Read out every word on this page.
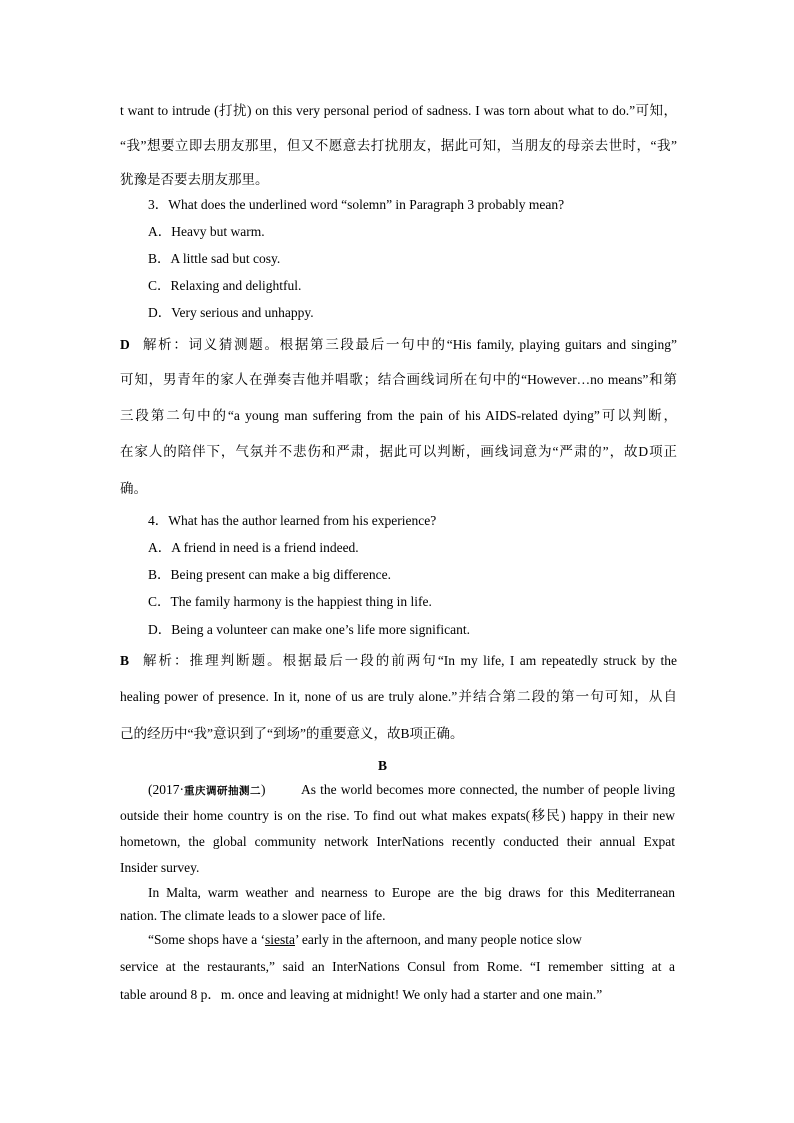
t want to intrude (打扰) on this very personal period of sadness. I was torn about what to do.”可知，
“我”想要立即去朋友那里，但又不愿意去打扰朋友，据此可知，当朋友的母亲去世时，“我”
犹豫是否要去朋友那里。
3．What does the underlined word “solemn” in Paragraph 3 probably mean?
A．Heavy but warm.
B．A little sad but cosy.
C．Relaxing and delightful.
D．Very serious and unhappy.
D 解析：词义猜测题。根据第三段最后一句中的“His family, playing guitars and singing”
可知，男青年的家人在弹奏吉他并唱歌；结合画线词所在句中的“However…no means”和第
三段第二句中的“a young man suffering from the pain of his AIDS-related dying”可以判断，
在家人的陪伴下，气氛并不悲伤和严肃，据此可以判断，画线词意为“严肃的”，故D项正
确。
4．What has the author learned from his experience?
A．A friend in need is a friend indeed.
B．Being present can make a big difference.
C．The family harmony is the happiest thing in life.
D．Being a volunteer can make one’s life more significant.
B 解析：推理判断题。根据最后一段的前两句“In my life, I am repeatedly struck by the
healing power of presence. In it, none of us are truly alone.”并结合第二段的第一句可知，从自
己的经历中“我”意识到了“到场”的重要意义，故B项正确。
B
(2017·重庆调研抽测二)	As the world becomes more connected, the number of people living
outside their home country is on the rise. To find out what makes expats(移民) happy in their new
hometown, the global community network InterNations recently conducted their annual Expat
Insider survey.
In Malta, warm weather and nearness to Europe are the big draws for this Mediterranean
nation. The climate leads to a slower pace of life.
“Some shops have a ‘siesta’ early in the afternoon, and many people notice slow
service at the restaurants,” said an InterNations Consul from Rome. “I remember sitting at a
table around 8 p．m. once and leaving at midnight! We only had a starter and one main.”
